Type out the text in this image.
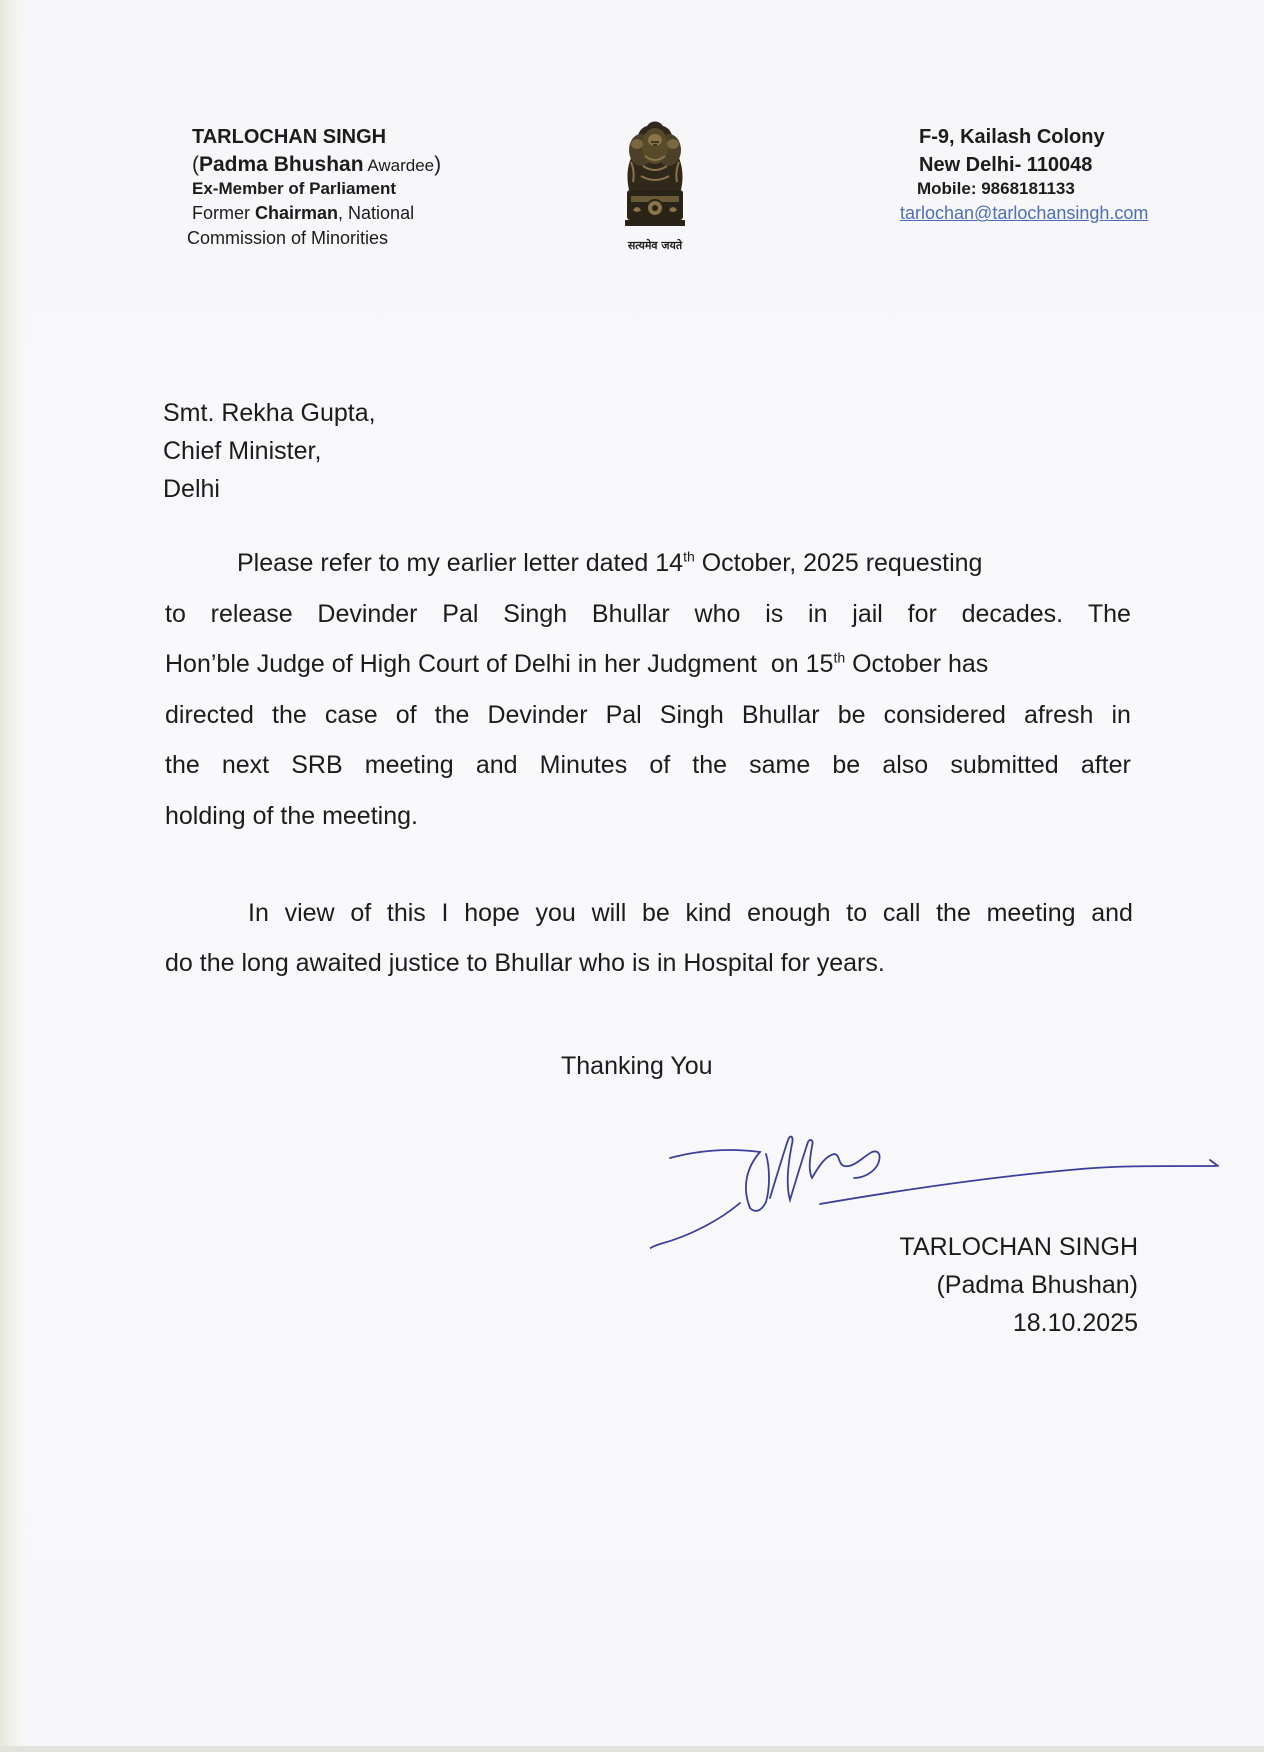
TARLOCHAN SINGH
(Padma Bhushan Awardee)
Ex-Member of Parliament
Former Chairman, National
Commission of Minorities	सत्यमेव जयते
F-9, Kailash Colony
New Delhi- 110048
Mobile: 9868181133
tarlochan@tarlochansingh.com
Smt. Rekha Gupta,
Chief Minister,
Delhi
Please refer to my earlier letter dated 14th October, 2025 requesting
to release Devinder Pal Singh Bhullar who is in jail for decades. The
Hon’ble Judge of High Court of Delhi in her Judgment  on 15th October has
directed the case of the Devinder Pal Singh Bhullar be considered afresh in
the next SRB meeting and Minutes of the same be also submitted after
holding of the meeting.
In view of this I hope you will be kind enough to call the meeting and
do the long awaited justice to Bhullar who is in Hospital for years.
Thanking You
TARLOCHAN SINGH
(Padma Bhushan)
18.10.2025
